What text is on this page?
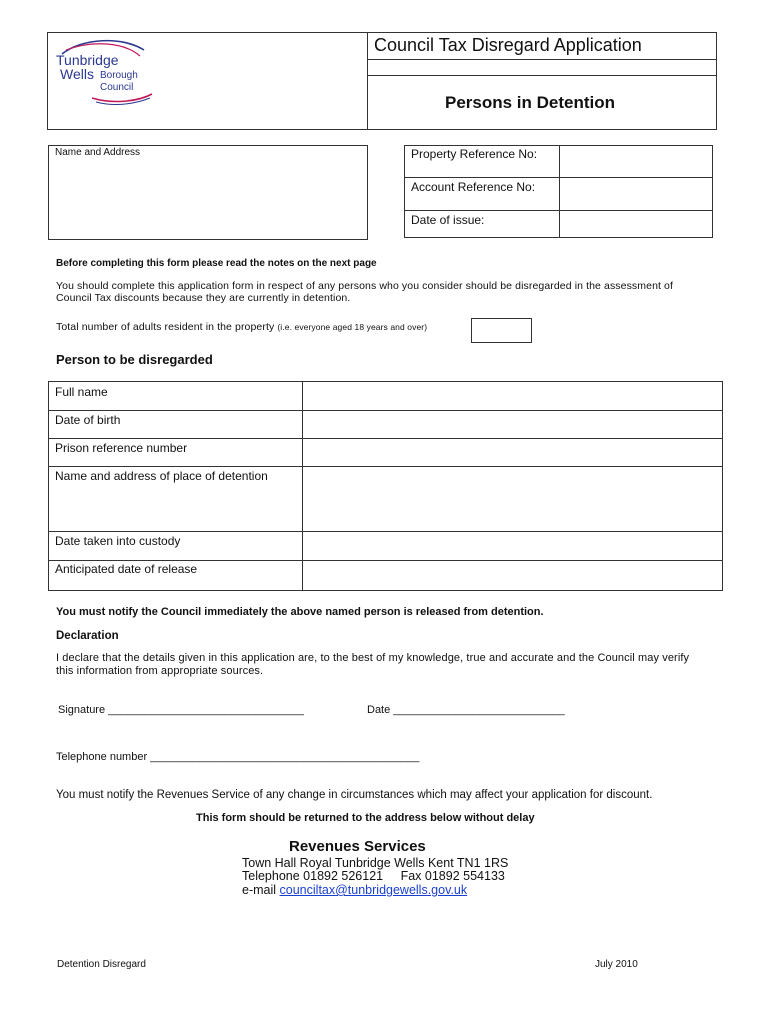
Tunbridge
Wells Borough
Council
Council Tax Disregard Application
Persons in Detention
Name and Address	Property Reference No:
Account Reference No:
Date of issue:
Before completing this form please read the notes on the next page
You should complete this application form in respect of any persons who you consider should be disregarded in the assessment of
Council Tax discounts because they are currently in detention.
Total number of adults resident in the property (i.e. everyone aged 18 years and over)
Person to be disregarded
Full name
Date of birth
Prison reference number
Name and address of place of detention
Date taken into custody
Anticipated date of release
You must notify the Council immediately the above named person is released from detention.
Declaration
I declare that the details given in this application are, to the best of my knowledge, true and accurate and the Council may verify
this information from appropriate sources.
Signature ________________________________	Date ____________________________
Telephone number ____________________________________________
You must notify the Revenues Service of any change in circumstances which may affect your application for discount.
This form should be returned to the address below without delay
Revenues Services
Town Hall Royal Tunbridge Wells Kent TN1 1RS
Telephone 01892 526121 Fax 01892 554133
e-mail counciltax@tunbridgewells.gov.uk
Detention Disregard	July 2010
